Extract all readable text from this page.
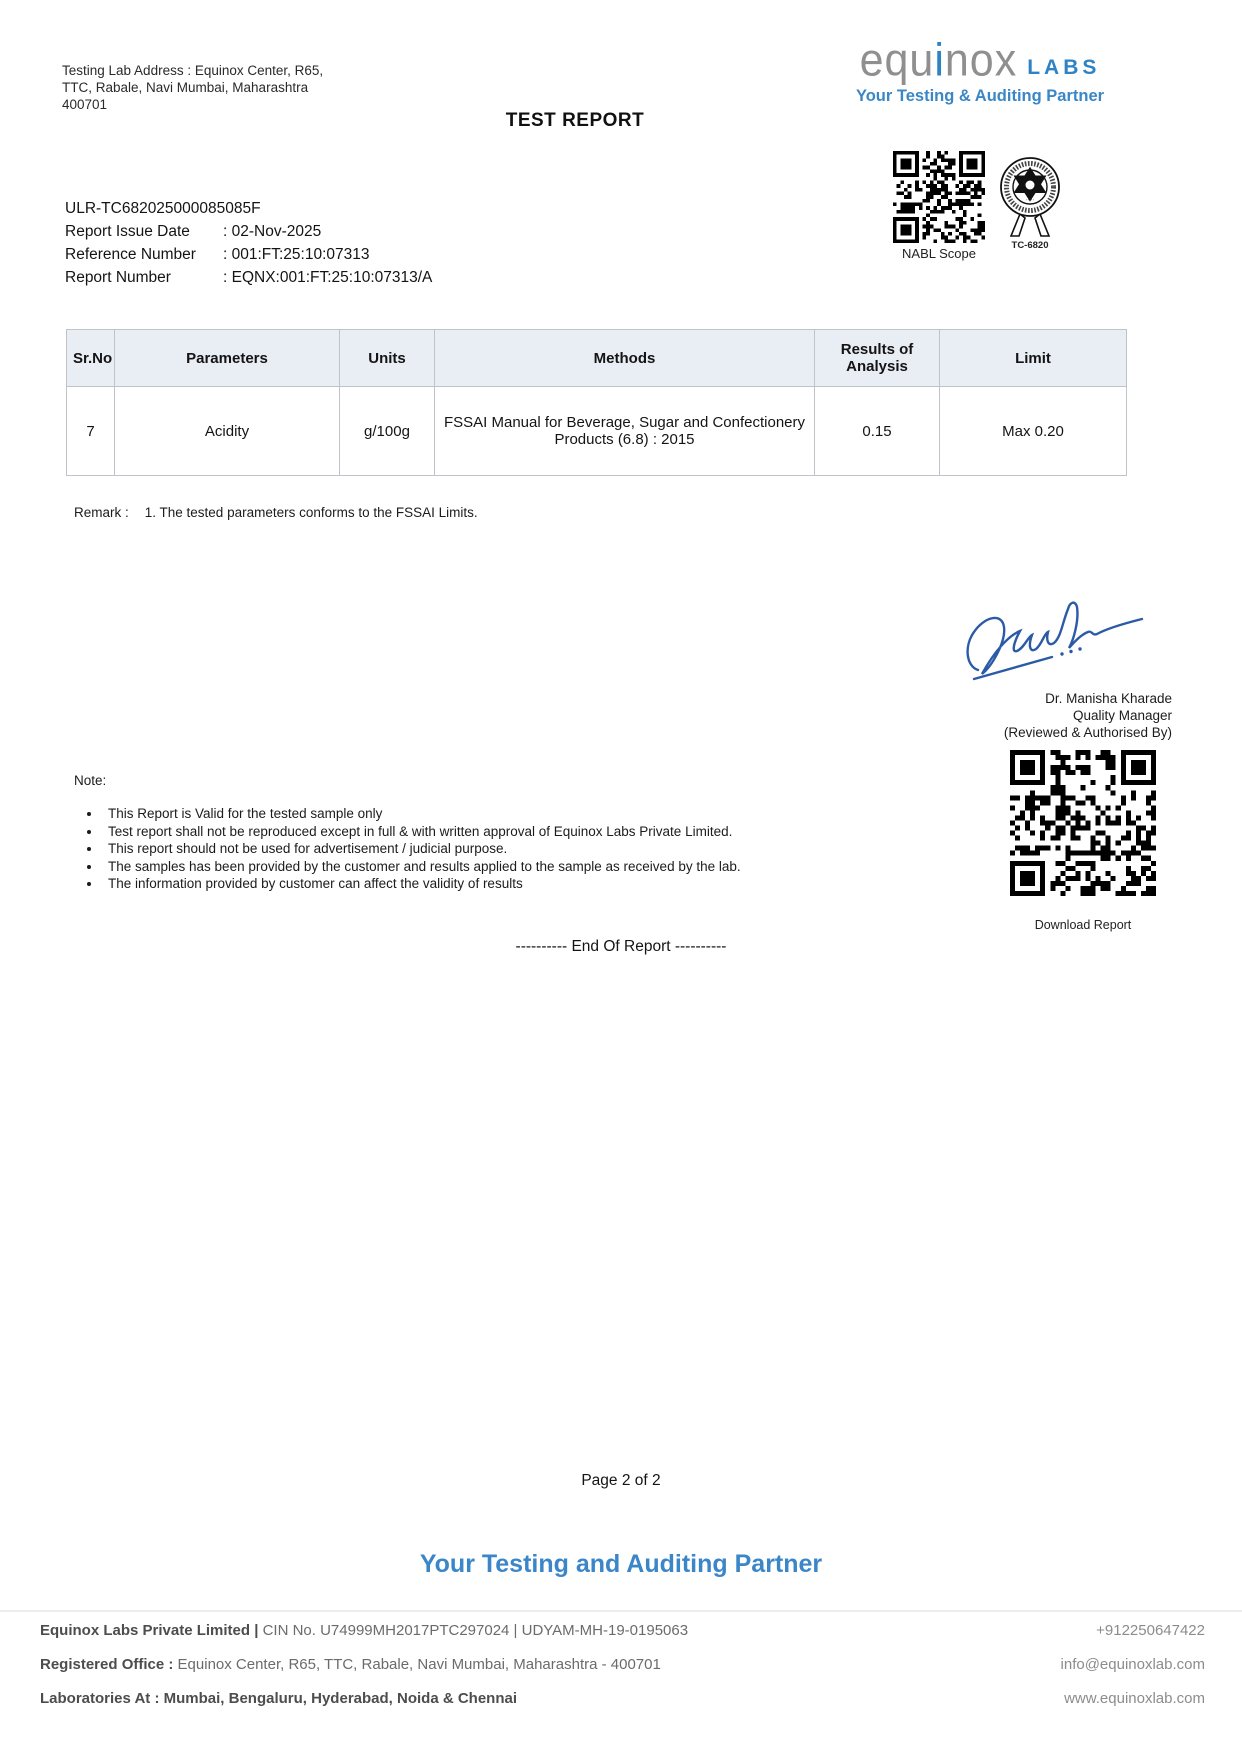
Testing Lab Address : Equinox Center, R65,
TTC, Rabale, Navi Mumbai, Maharashtra
400701
equinox LABS
Your Testing & Auditing Partner
TEST REPORT
NABL Scope
·····
TC-6820
ULR-TC682025000085085F
Report Issue Date : 02-Nov-2025
Reference Number : 001:FT:25:10:07313
Report Number	: EQNX:001:FT:25:10:07313/A
Sr.No	Parameters	Units	Methods	Results of Analysis	Limit
7	Acidity	g/100g	FSSAI Manual for Beverage, Sugar and Confectionery Products (6.8) : 2015	0.15	Max 0.20
Remark : 1. The tested parameters conforms to the FSSAI Limits.
Dr. Manisha Kharade
Quality Manager
(Reviewed & Authorised By)
Note:
• This Report is Valid for the tested sample only
• Test report shall not be reproduced except in full & with written approval of Equinox Labs Private Limited.
• This report should not be used for advertisement / judicial purpose.
• The samples has been provided by the customer and results applied to the sample as received by the lab.
• The information provided by customer can affect the validity of results
Download Report
---------- End Of Report ----------
Page 2 of 2
Your Testing and Auditing Partner
Equinox Labs Private Limited | CIN No. U74999MH2017PTC297024 | UDYAM-MH-19-0195063	+912250647422
Registered Office : Equinox Center, R65, TTC, Rabale, Navi Mumbai, Maharashtra - 400701	info@equinoxlab.com
Laboratories At : Mumbai, Bengaluru, Hyderabad, Noida & Chennai	www.equinoxlab.com
